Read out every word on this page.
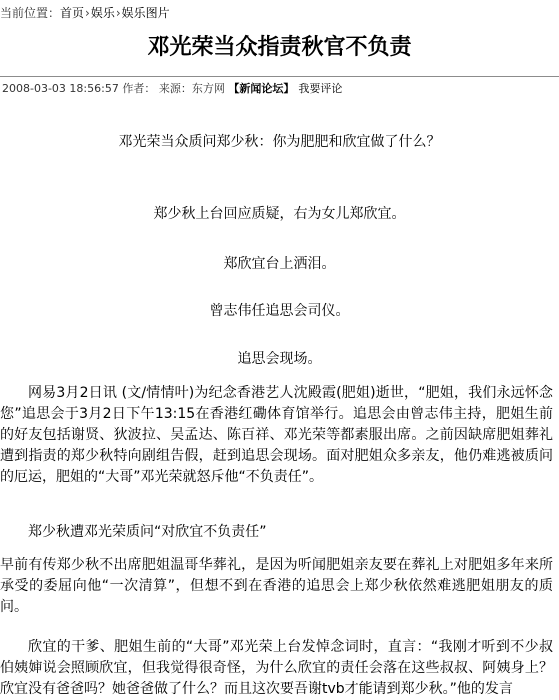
当前位置：首页›娱乐›娱乐图片
邓光荣当众指责秋官不负责
2008-03-03 18:56:57 作者： 来源：东方网 【新闻论坛】 我要评论

邓光荣当众质问郑少秋：你为肥肥和欣宜做了什么？

郑少秋上台回应质疑，右为女儿郑欣宜。

郑欣宜台上洒泪。

曾志伟任追思会司仪。

追思会现场。

网易3月2日讯 (文/情情叶)为纪念香港艺人沈殿霞(肥姐)逝世，“肥姐，我们永远怀念您”追思会于3月2日下午13:15在香港红磡体育馆举行。追思会由曾志伟主持，肥姐生前的好友包括谢贤、狄波拉、吴孟达、陈百祥、邓光荣等都素服出席。之前因缺席肥姐葬礼遭到指责的郑少秋特向剧组告假，赶到追思会现场。面对肥姐众多亲友，他仍难逃被质问的厄运，肥姐的“大哥”邓光荣就怒斥他“不负责任”。

郑少秋遭邓光荣质问“对欣宜不负责任”

早前有传郑少秋不出席肥姐温哥华葬礼，是因为听闻肥姐亲友要在葬礼上对肥姐多年来所承受的委屈向他“一次清算”，但想不到在香港的追思会上郑少秋依然难逃肥姐朋友的质问。

欣宜的干爹、肥姐生前的“大哥”邓光荣上台发悼念词时，直言：“我刚才听到不少叔伯姨婶说会照顾欣宜，但我觉得很奇怪，为什么欣宜的责任会落在这些叔叔、阿姨身上？欣宜没有爸爸吗？她爸爸做了什么？而且这次要吾谢tvb才能请到郑少秋。”他的发言
